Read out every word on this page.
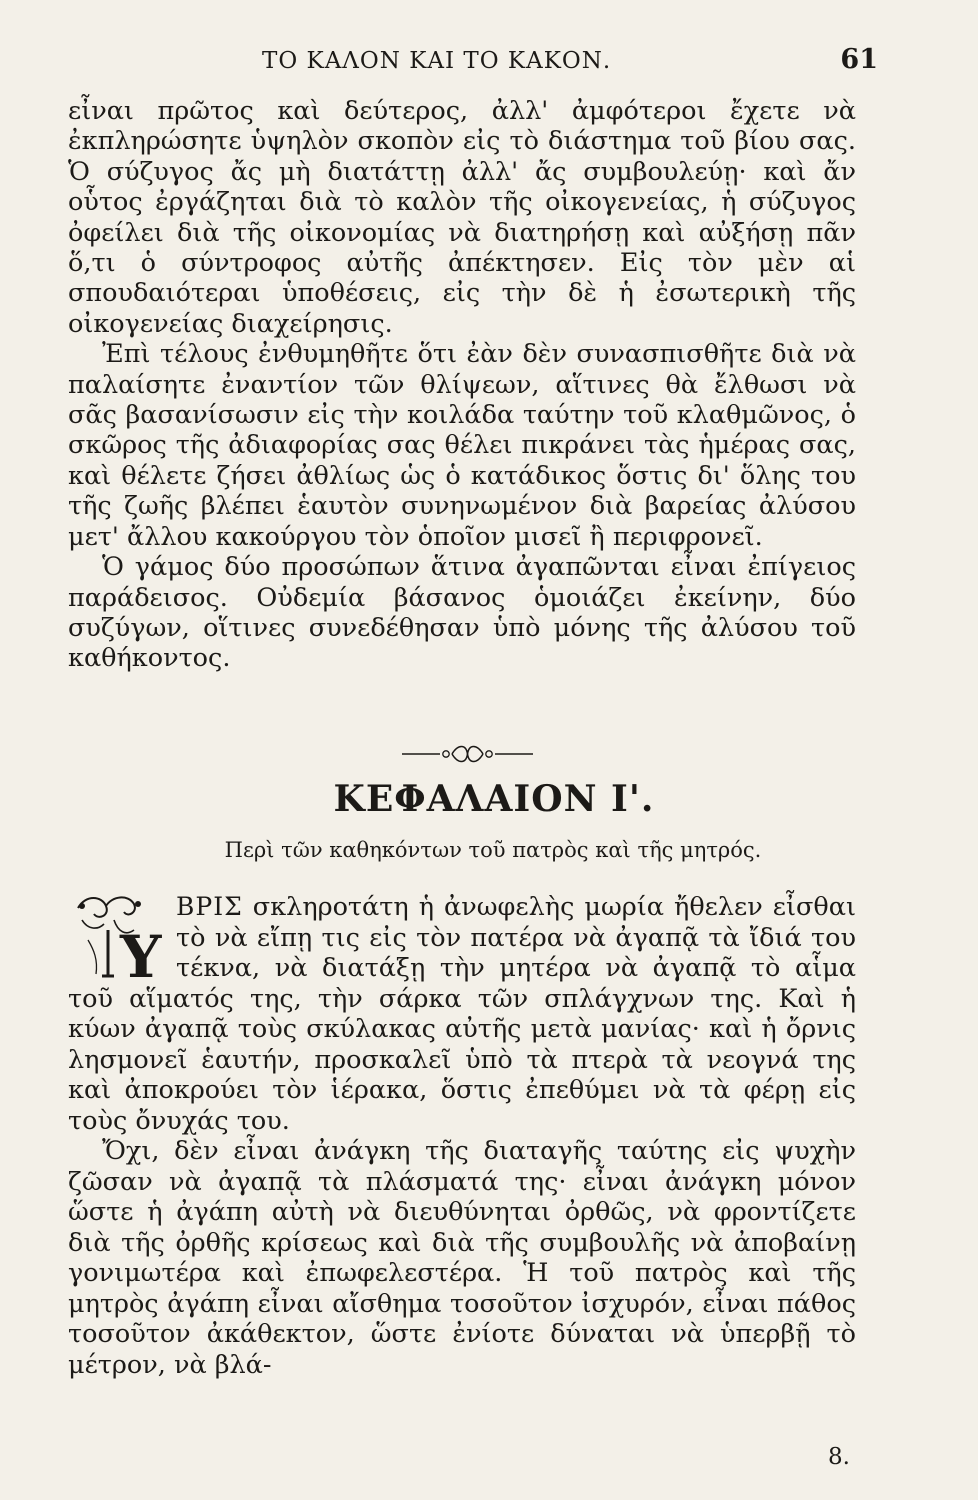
ΤΟ ΚΑΛΟΝ ΚΑΙ ΤΟ ΚΑΚΟΝ.	61

εἶναι πρῶτος καὶ δεύτερος, ἀλλ' ἀμφότεροι ἔχετε νὰ ἐκπληρώσητε ὑψηλὸν σκοπὸν εἰς τὸ διάστημα τοῦ βίου σας. Ὁ σύζυγος ἄς μὴ διατάττῃ ἀλλ' ἄς συμβουλεύῃ· καὶ ἄν οὗτος ἐργάζηται διὰ τὸ καλὸν τῆς οἰκογενείας, ἡ σύζυγος ὀφείλει διὰ τῆς οἰκονομίας νὰ διατηρήσῃ καὶ αὐξήσῃ πᾶν ὅ,τι ὁ σύντροφος αὐτῆς ἀπέκτησεν. Εἰς τὸν μὲν αἱ σπουδαιότεραι ὑποθέσεις, εἰς τὴν δὲ ἡ ἐσωτερικὴ τῆς οἰκογενείας διαχείρησις.

Ἐπὶ τέλους ἐνθυμηθῆτε ὅτι ἐὰν δὲν συνασπισθῆτε διὰ νὰ παλαίσητε ἐναντίον τῶν θλίψεων, αἵτινες θὰ ἔλθωσι νὰ σᾶς βασανίσωσιν εἰς τὴν κοιλάδα ταύτην τοῦ κλαθμῶνος, ὁ σκῶρος τῆς ἀδιαφορίας σας θέλει πικράνει τὰς ἡμέρας σας, καὶ θέλετε ζήσει ἀθλίως ὡς ὁ κατάδικος ὅστις δι' ὅλης του τῆς ζωῆς βλέπει ἑαυτὸν συνηνωμένον διὰ βαρείας ἀλύσου μετ' ἄλλου κακούργου τὸν ὁποῖον μισεῖ ἢ περιφρονεῖ.

Ὁ γάμος δύο προσώπων ἅτινα ἀγαπῶνται εἶναι ἐπίγειος παράδεισος. Οὐδεμία βάσανος ὁμοιάζει ἐκείνην, δύο συζύγων, οἵτινες συνεδέθησαν ὑπὸ μόνης τῆς ἀλύσου τοῦ καθήκοντος.

ΚΕΦΑΛΑΙΟΝ Ι'.
Περὶ τῶν καθηκόντων τοῦ πατρὸς καὶ τῆς μητρός.

Υ
ΒΡΙΣ σκληροτάτη ἡ ἀνωφελὴς μωρία ἤθελεν εἶσθαι τὸ νὰ εἴπῃ τις εἰς τὸν πατέρα νὰ ἀγαπᾷ τὰ ἴδιά του τέκνα, νὰ διατάξῃ τὴν μητέρα νὰ ἀγαπᾷ τὸ αἷμα τοῦ αἵματός της, τὴν σάρκα τῶν σπλάγχνων της. Καὶ ἡ κύων ἀγαπᾷ τοὺς σκύλακας αὐτῆς μετὰ μανίας· καὶ ἡ ὄρνις λησμονεῖ ἑαυτήν, προσκαλεῖ ὑπὸ τὰ πτερὰ τὰ νεογνά της καὶ ἀποκρούει τὸν ἱέρακα, ὅστις ἐπεθύμει νὰ τὰ φέρῃ εἰς τοὺς ὄνυχάς του.

Ὄχι, δὲν εἶναι ἀνάγκη τῆς διαταγῆς ταύτης εἰς ψυχὴν ζῶσαν νὰ ἀγαπᾷ τὰ πλάσματά της· εἶναι ἀνάγκη μόνον ὥστε ἡ ἀγάπη αὐτὴ νὰ διευθύνηται ὀρθῶς, νὰ φροντίζετε διὰ τῆς ὀρθῆς κρίσεως καὶ διὰ τῆς συμβουλῆς νὰ ἀποβαίνῃ γονιμωτέρα καὶ ἐπωφελεστέρα. Ἡ τοῦ πατρὸς καὶ τῆς μητρὸς ἀγάπη εἶναι αἴσθημα τοσοῦτον ἰσχυρόν, εἶναι πάθος τοσοῦτον ἀκάθεκτον, ὥστε ἐνίοτε δύναται νὰ ὑπερβῇ τὸ μέτρον, νὰ βλά-

8.
